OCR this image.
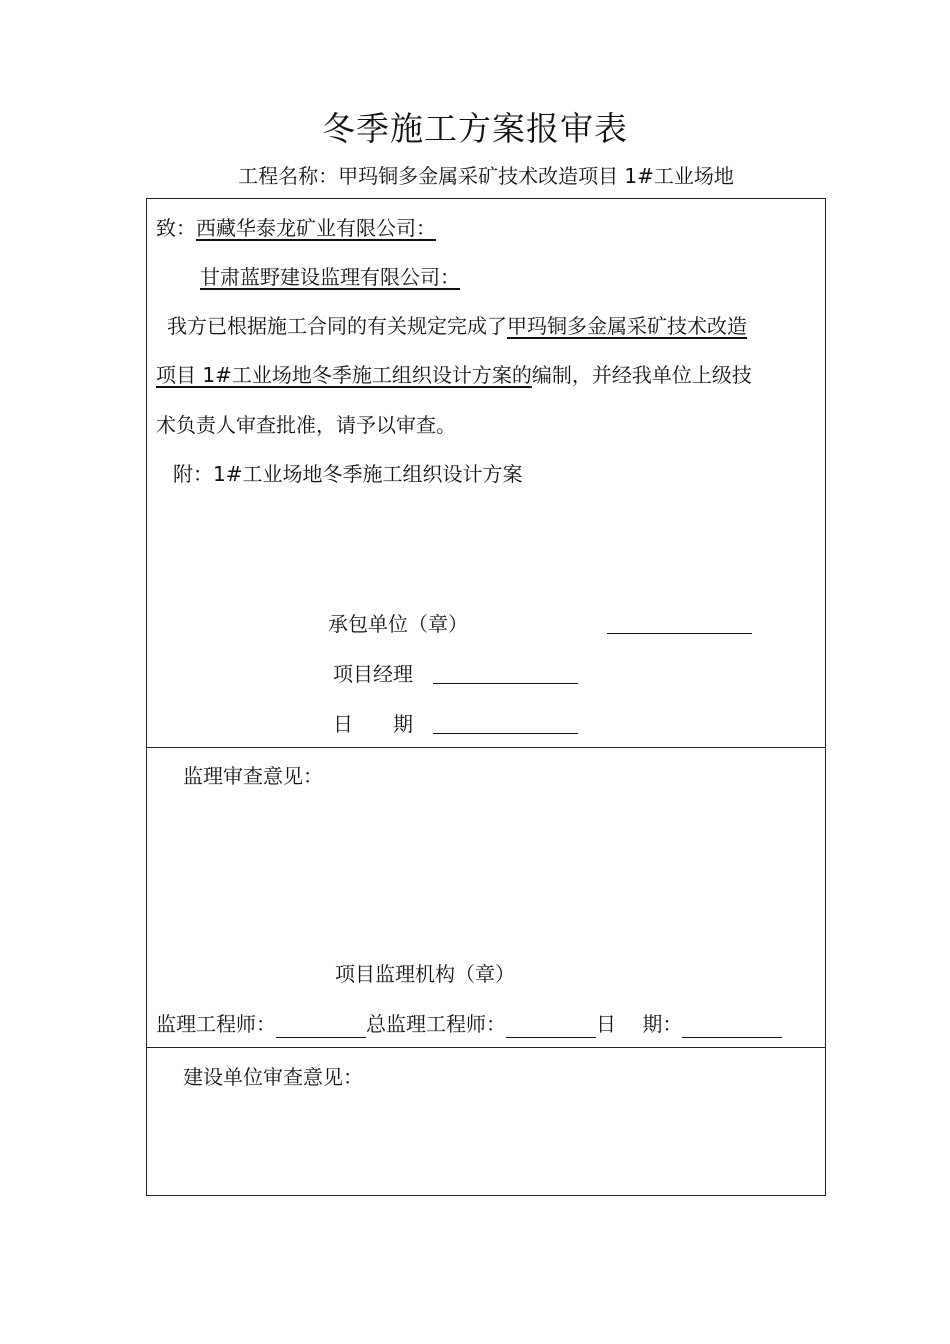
冬季施工方案报审表
工程名称：甲玛铜多金属采矿技术改造项目 1#工业场地
致：西藏华泰龙矿业有限公司：
甘肃蓝野建设监理有限公司：
我方已根据施工合同的有关规定完成了甲玛铜多金属采矿技术改造
项目 1#工业场地冬季施工组织设计方案的编制，并经我单位上级技
术负责人审查批准，请予以审查。
附：1#工业场地冬季施工组织设计方案
承包单位（章）
项目经理
日　　期
监理审查意见：
项目监理机构（章）
监理工程师：	总监理工程师：	日　 期：
建设单位审查意见：
